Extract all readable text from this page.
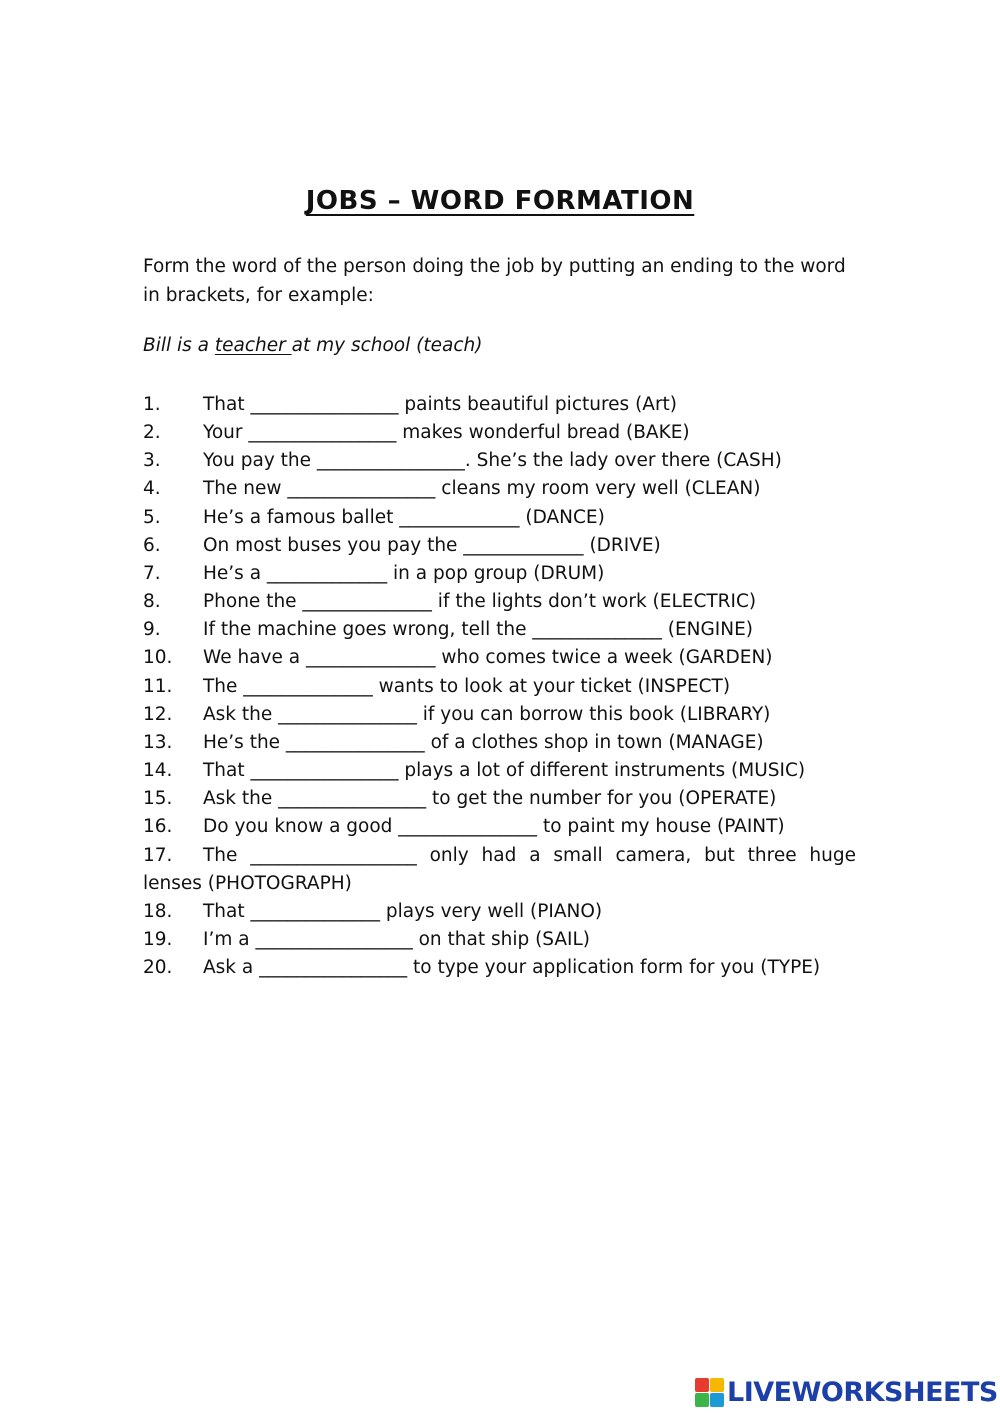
JOBS – WORD FORMATION
Form the word of the person doing the job by putting an ending to the word in brackets, for example:
Bill is a teacher at my school (teach)
1. That ________________ paints beautiful pictures (Art)
2. Your ________________ makes wonderful bread (BAKE)
3. You pay the ________________. She’s the lady over there (CASH)
4. The new ________________ cleans my room very well (CLEAN)
5. He’s a famous ballet _____________ (DANCE)
6. On most buses you pay the _____________ (DRIVE)
7. He’s a _____________ in a pop group (DRUM)
8. Phone the ______________ if the lights don’t work (ELECTRIC)
9. If the machine goes wrong, tell the ______________ (ENGINE)
10. We have a ______________ who comes twice a week (GARDEN)
11. The ______________ wants to look at your ticket (INSPECT)
12. Ask the _______________ if you can borrow this book (LIBRARY)
13. He’s the _______________ of a clothes shop in town (MANAGE)
14. That ________________ plays a lot of different instruments (MUSIC)
15. Ask the ________________ to get the number for you (OPERATE)
16. Do you know a good _______________ to paint my house (PAINT)
17. The __________________ only had a small camera, but three huge lenses (PHOTOGRAPH)
18. That ______________ plays very well (PIANO)
19. I’m a _________________ on that ship (SAIL)
20. Ask a ________________ to type your application form for you (TYPE)
LIVEWORKSHEETS
